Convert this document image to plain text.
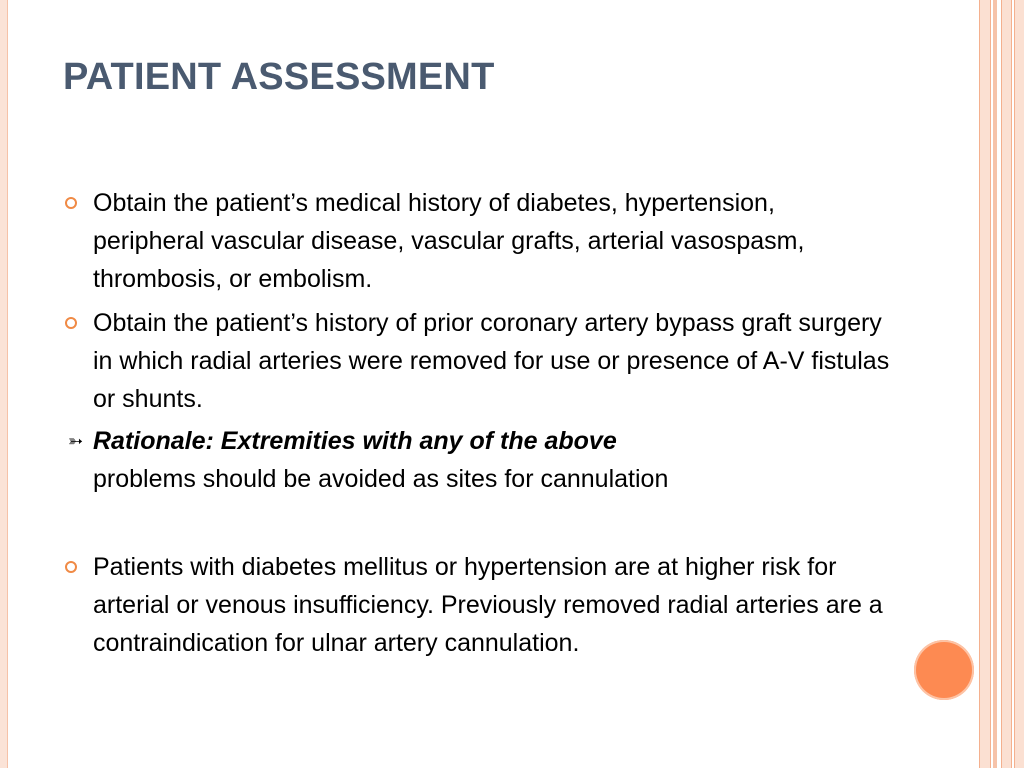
PATIENT ASSESSMENT
Obtain the patient’s medical history of diabetes, hypertension, peripheral vascular disease, vascular grafts, arterial vasospasm, thrombosis, or embolism.
Obtain the patient’s history of prior coronary artery bypass graft surgery in which radial arteries were removed for use or presence of A-V fistulas or shunts.
➳ Rationale: Extremities with any of the above
problems should be avoided as sites for cannulation
Patients with diabetes mellitus or hypertension are at higher risk for arterial or venous insufficiency. Previously removed radial arteries are a contraindication for ulnar artery cannulation.
